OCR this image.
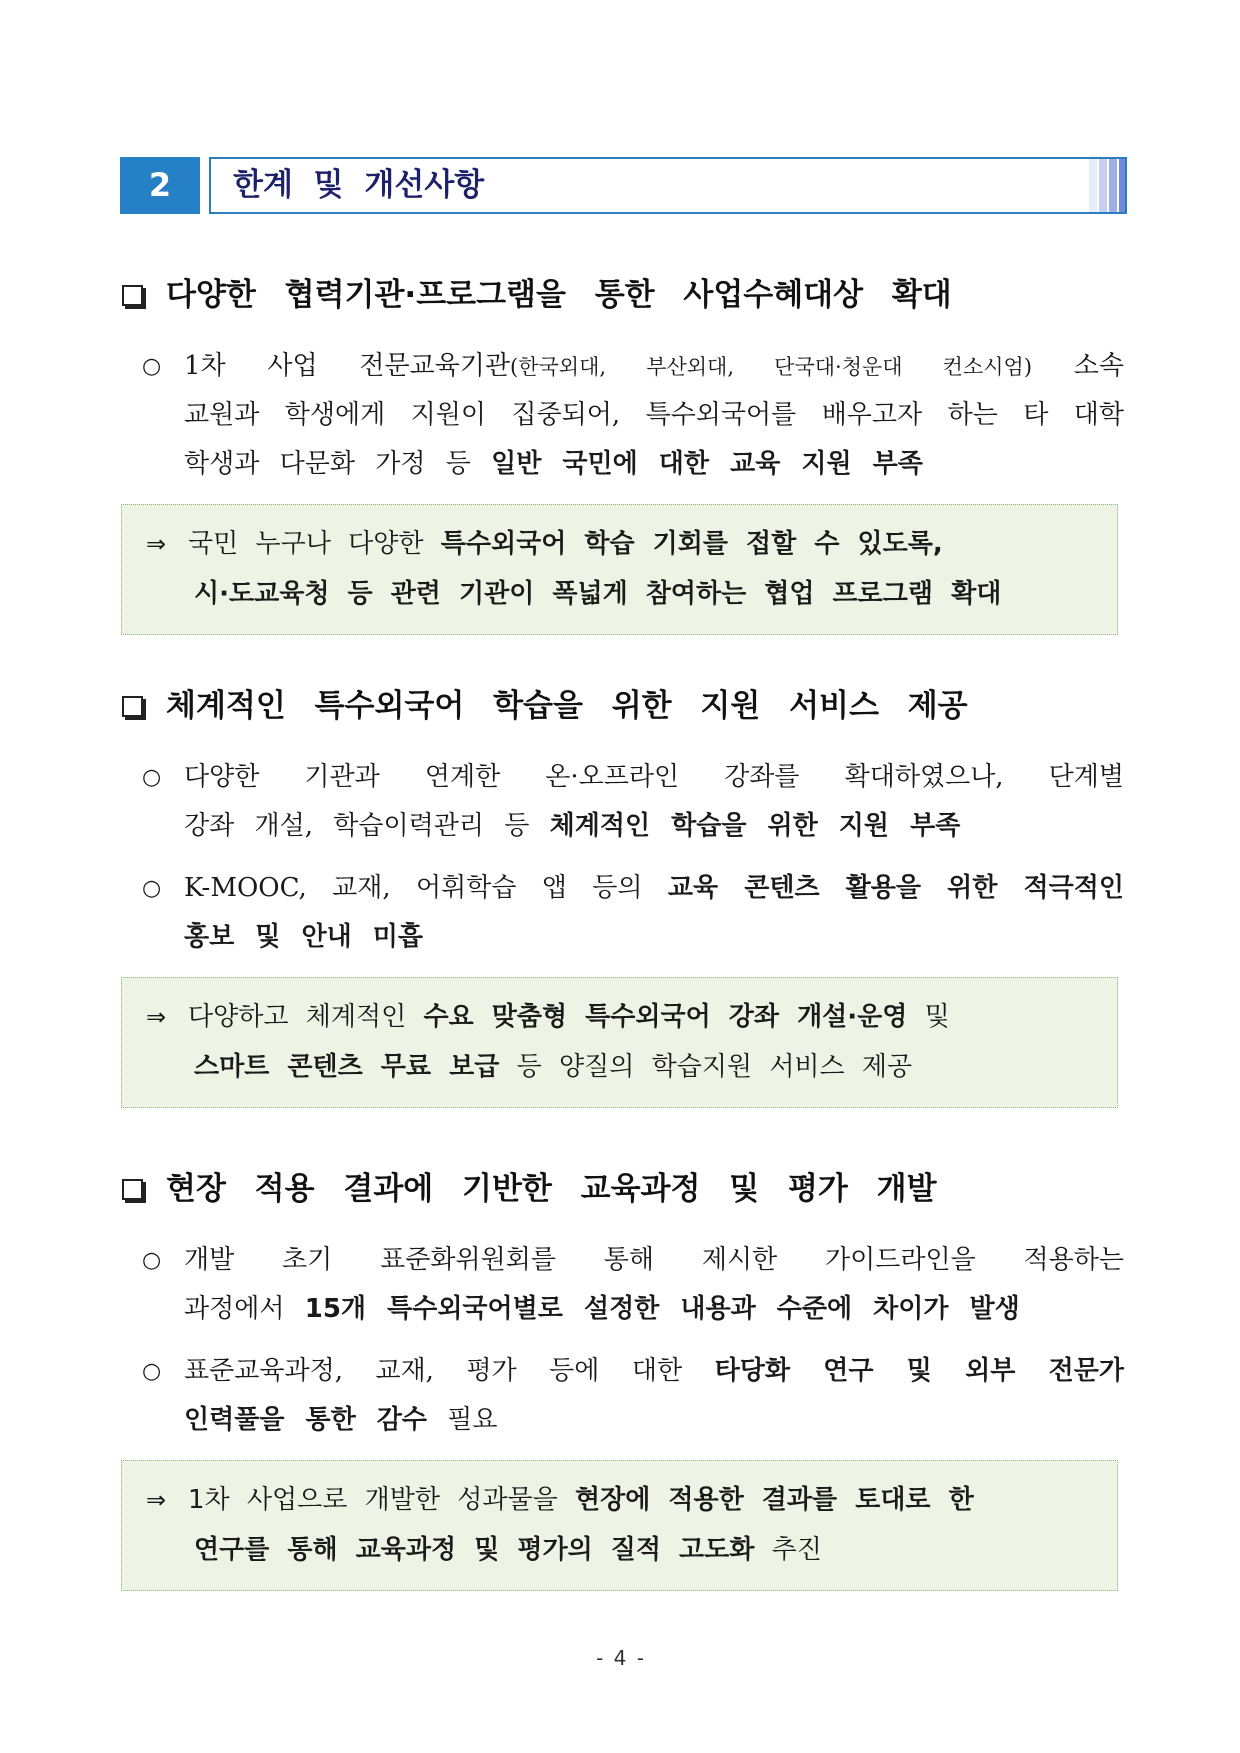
2	한계 및 개선사항
다양한 협력기관·프로그램을 통한 사업수혜대상 확대
○ 1차 사업 전문교육기관(한국외대, 부산외대, 단국대·청운대 컨소시엄) 소속
교원과 학생에게 지원이 집중되어, 특수외국어를 배우고자 하는 타 대학
학생과 다문화 가정 등 일반 국민에 대한 교육 지원 부족
⇒ 국민 누구나 다양한 특수외국어 학습 기회를 접할 수 있도록,
시·도교육청 등 관련 기관이 폭넓게 참여하는 협업 프로그램 확대
체계적인 특수외국어 학습을 위한 지원 서비스 제공
○ 다양한 기관과 연계한 온·오프라인 강좌를 확대하였으나, 단계별
강좌 개설, 학습이력관리 등 체계적인 학습을 위한 지원 부족
○ K-MOOC, 교재, 어휘학습 앱 등의 교육 콘텐츠 활용을 위한 적극적인
홍보 및 안내 미흡
⇒ 다양하고 체계적인 수요 맞춤형 특수외국어 강좌 개설·운영 및
스마트 콘텐츠 무료 보급 등 양질의 학습지원 서비스 제공
현장 적용 결과에 기반한 교육과정 및 평가 개발
○ 개발 초기 표준화위원회를 통해 제시한 가이드라인을 적용하는
과정에서 15개 특수외국어별로 설정한 내용과 수준에 차이가 발생
○ 표준교육과정, 교재, 평가 등에 대한 타당화 연구 및 외부 전문가
인력풀을 통한 감수 필요
⇒ 1차 사업으로 개발한 성과물을 현장에 적용한 결과를 토대로 한
연구를 통해 교육과정 및 평가의 질적 고도화 추진
- 4 -
